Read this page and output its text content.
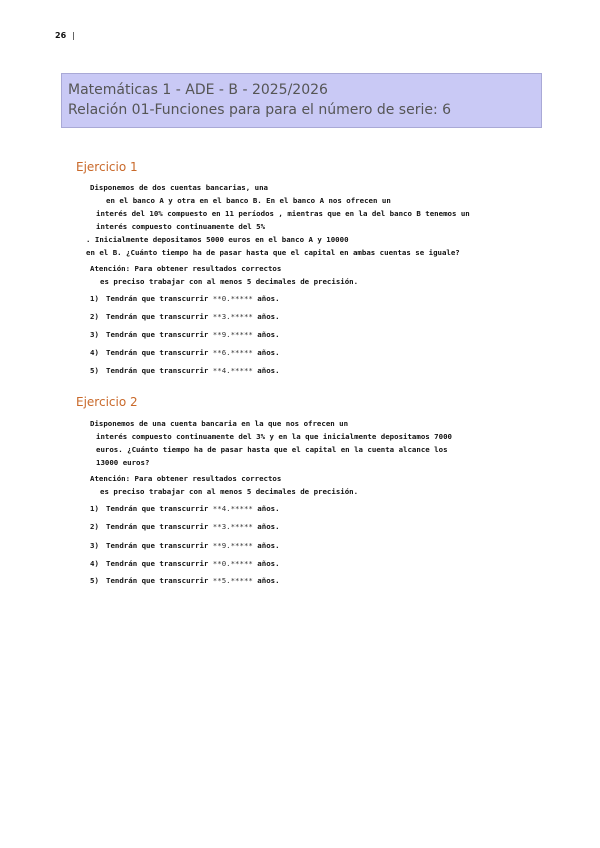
26 |
Matemáticas 1 - ADE - B - 2025/2026
Relación 01-Funciones para para el número de serie: 6
Ejercicio 1
Disponemos de dos cuentas bancarias, una
en el banco A y otra en el banco B. En el banco A nos ofrecen un
interés del 10% compuesto en 11 períodos , mientras que en la del banco B tenemos un
interés compuesto continuamente del 5%
. Inicialmente depositamos 5000 euros en el banco A y 10000
en el B. ¿Cuánto tiempo ha de pasar hasta que el capital en ambas cuentas se iguale?
Atención: Para obtener resultados correctos
es preciso trabajar con al menos 5 decimales de precisión.
1) Tendrán que transcurrir **0.***** años.
2) Tendrán que transcurrir **3.***** años.
3) Tendrán que transcurrir **9.***** años.
4) Tendrán que transcurrir **6.***** años.
5) Tendrán que transcurrir **4.***** años.
Ejercicio 2
Disponemos de una cuenta bancaria en la que nos ofrecen un
interés compuesto continuamente del 3% y en la que inicialmente depositamos 7000
euros. ¿Cuánto tiempo ha de pasar hasta que el capital en la cuenta alcance los
13000 euros?
Atención: Para obtener resultados correctos
es preciso trabajar con al menos 5 decimales de precisión.
1) Tendrán que transcurrir **4.***** años.
2) Tendrán que transcurrir **3.***** años.
3) Tendrán que transcurrir **9.***** años.
4) Tendrán que transcurrir **0.***** años.
5) Tendrán que transcurrir **5.***** años.
